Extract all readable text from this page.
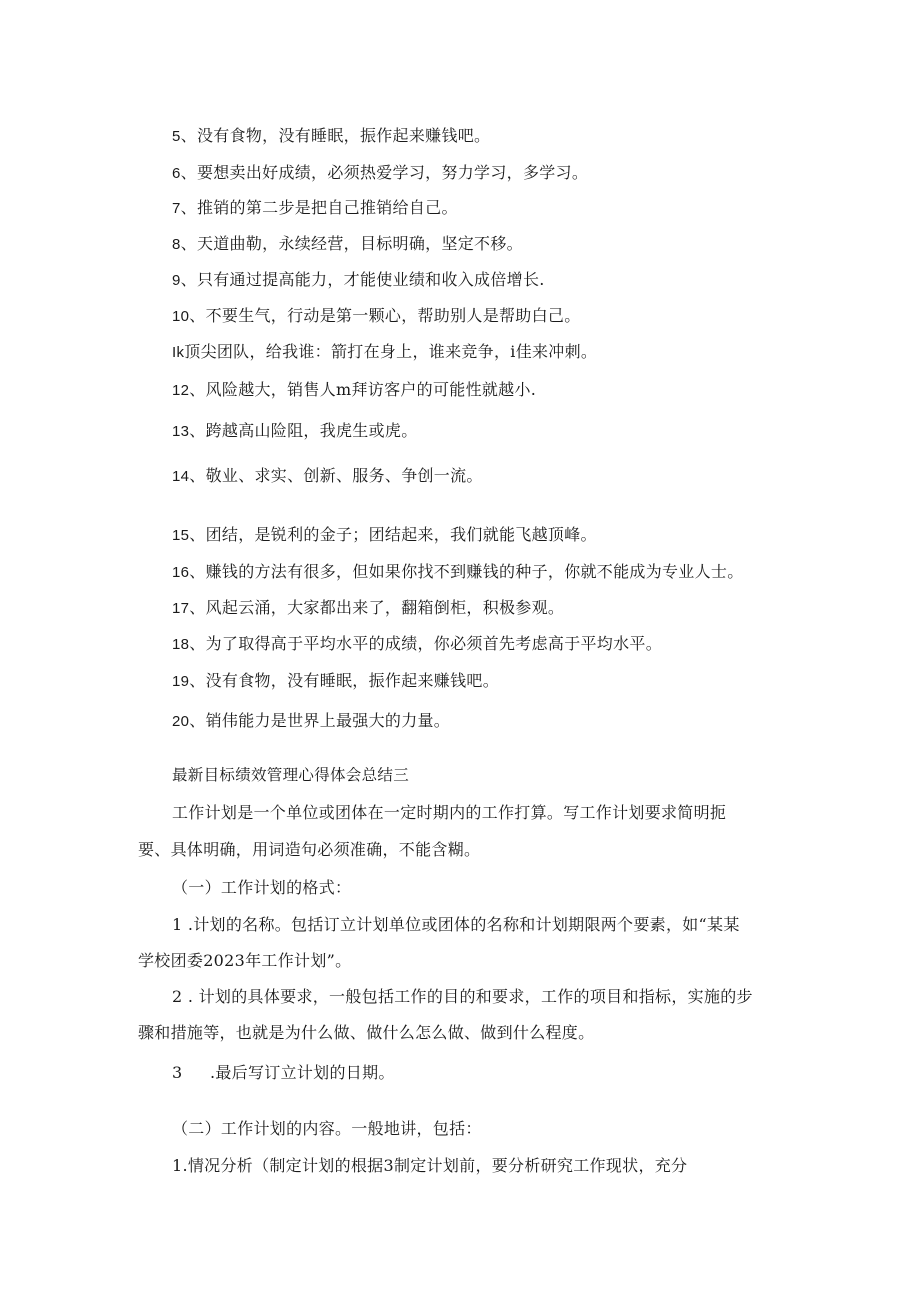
5、没有食物，没有睡眠，振作起来赚钱吧。
6、要想卖出好成绩，必须热爱学习，努力学习，多学习。
7、推销的第二步是把自己推销给自己。
8、天道曲勒，永续经营，目标明确，坚定不移。
9、只有通过提高能力，才能使业绩和收入成倍增长.
10、不要生气，行动是第一颗心，帮助别人是帮助白己。
Ik顶尖团队，给我谁：箭打在身上，谁来竞争，i佳来冲刺。
12、风险越大，销售人m拜访客户的可能性就越小.
13、跨越高山险阻，我虎生或虎。
14、敬业、求实、创新、服务、争创一流。
15、团结，是锐利的金子；团结起来，我们就能飞越顶峰。
16、赚钱的方法有很多，但如果你找不到赚钱的种子，你就不能成为专业人士。
17、风起云涌，大家都出来了，翻箱倒柜，积极参观。
18、为了取得高于平均水平的成绩，你必须首先考虑高于平均水平。
19、没有食物，没有睡眠，振作起来赚钱吧。
20、销伟能力是世界上最强大的力量。
最新目标绩效管理心得体会总结三
工作计划是一个单位或团体在一定时期内的工作打算。写工作计划要求简明扼
要、具体明确，用词造句必须准确，不能含糊。
（一）工作计划的格式：
1 .计划的名称。包括订立计划单位或团体的名称和计划期限两个要素，如“某某
学校团委2023年工作计划”。
2 . 计划的具体要求，一般包括工作的目的和要求，工作的项目和指标，实施的步
骤和措施等，也就是为什么做、做什么怎么做、做到什么程度。
3 .最后写订立计划的日期。
（二）工作计划的内容。一般地讲，包括：
1.情况分析（制定计划的根据3制定计划前，要分析研究工作现状，充分
